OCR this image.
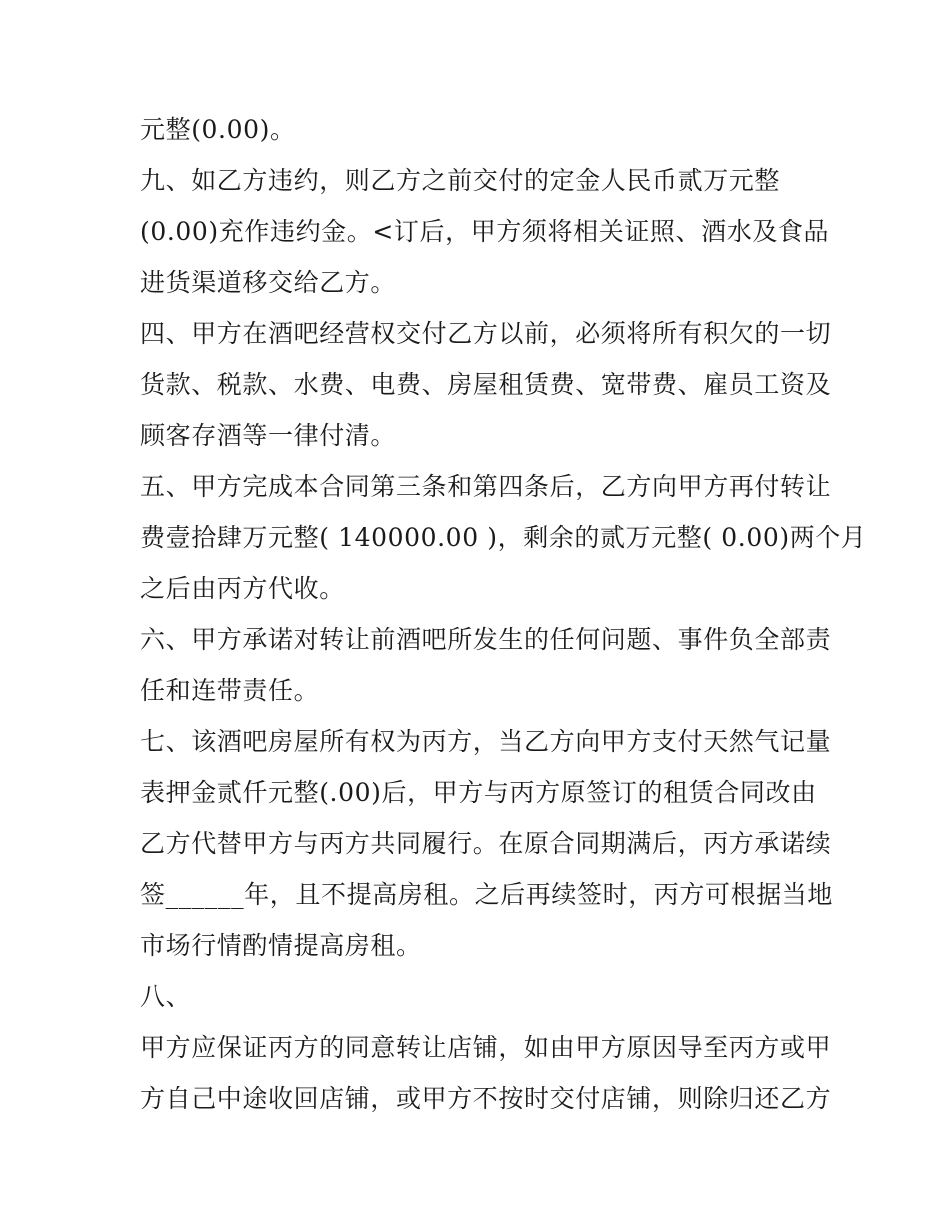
元整(0.00)。
九、如乙方违约，则乙方之前交付的定金人民币贰万元整
(0.00)充作违约金。<订后，甲方须将相关证照、酒水及食品
进货渠道移交给乙方。
四、甲方在酒吧经营权交付乙方以前，必须将所有积欠的一切
货款、税款、水费、电费、房屋租赁费、宽带费、雇员工资及
顾客存酒等一律付清。
五、甲方完成本合同第三条和第四条后，乙方向甲方再付转让
费壹拾肆万元整( 140000.00 )，剩余的贰万元整( 0.00)两个月
之后由丙方代收。
六、甲方承诺对转让前酒吧所发生的任何问题、事件负全部责
任和连带责任。
七、该酒吧房屋所有权为丙方，当乙方向甲方支付天然气记量
表押金贰仟元整(.00)后，甲方与丙方原签订的租赁合同改由
乙方代替甲方与丙方共同履行。在原合同期满后，丙方承诺续
签______年，且不提高房租。之后再续签时，丙方可根据当地
市场行情酌情提高房租。
八、
甲方应保证丙方的同意转让店铺，如由甲方原因导至丙方或甲
方自己中途收回店铺，或甲方不按时交付店铺，则除归还乙方
